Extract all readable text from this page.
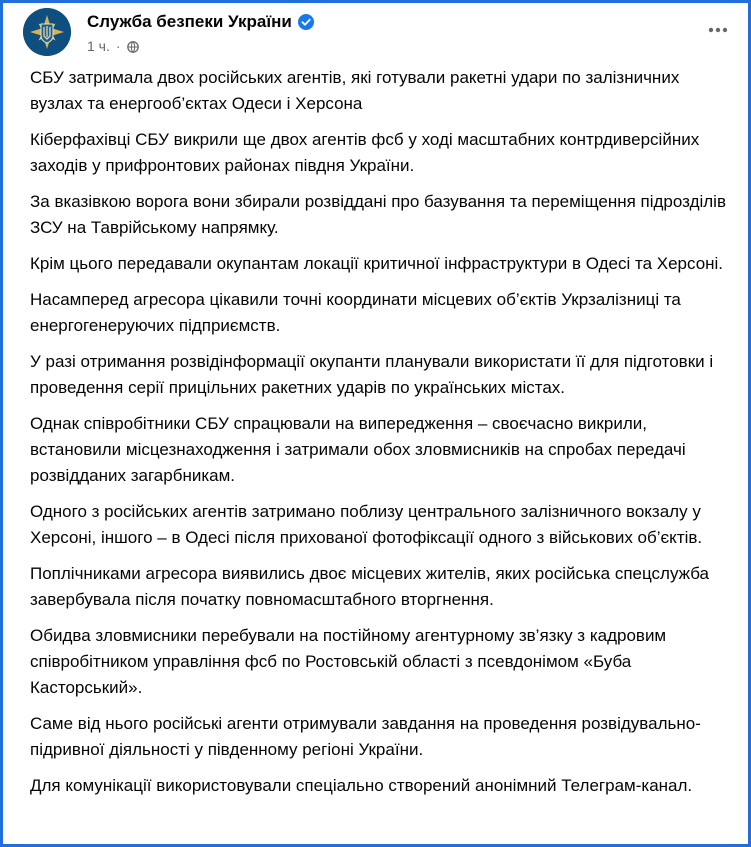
Служба безпеки України
1 ч. ·

СБУ затримала двох російських агентів, які готували ракетні удари по залізничних вузлах та енергооб’єктах Одеси і Херсона

Кіберфахівці СБУ викрили ще двох агентів фсб у ході масштабних контрдиверсійних заходів у прифронтових районах півдня України.

За вказівкою ворога вони збирали розвіддані про базування та переміщення підрозділів ЗСУ на Таврійському напрямку.

Крім цього передавали окупантам локації критичної інфраструктури в Одесі та Херсоні.

Насамперед агресора цікавили точні координати місцевих об’єктів Укрзалізниці та енергогенеруючих підприємств.

У разі отримання розвідінформації окупанти планували використати її для підготовки і проведення серії прицільних ракетних ударів по українських містах.

Однак співробітники СБУ спрацювали на випередження – своєчасно викрили, встановили місцезнаходження і затримали обох зловмисників на спробах передачі розвідданих загарбникам.

Одного з російських агентів затримано поблизу центрального залізничного вокзалу у Херсоні, іншого – в Одесі після прихованої фотофіксації одного з військових об’єктів.

Поплічниками агресора виявились двоє місцевих жителів, яких російська спецслужба завербувала після початку повномасштабного вторгнення.

Обидва зловмисники перебували на постійному агентурному зв’язку з кадровим співробітником управління фсб по Ростовській області з псевдонімом «Буба Касторський».

Саме від нього російські агенти отримували завдання на проведення розвідувально-підривної діяльності у південному регіоні України.

Для комунікації використовували спеціально створений анонімний Телеграм-канал.
